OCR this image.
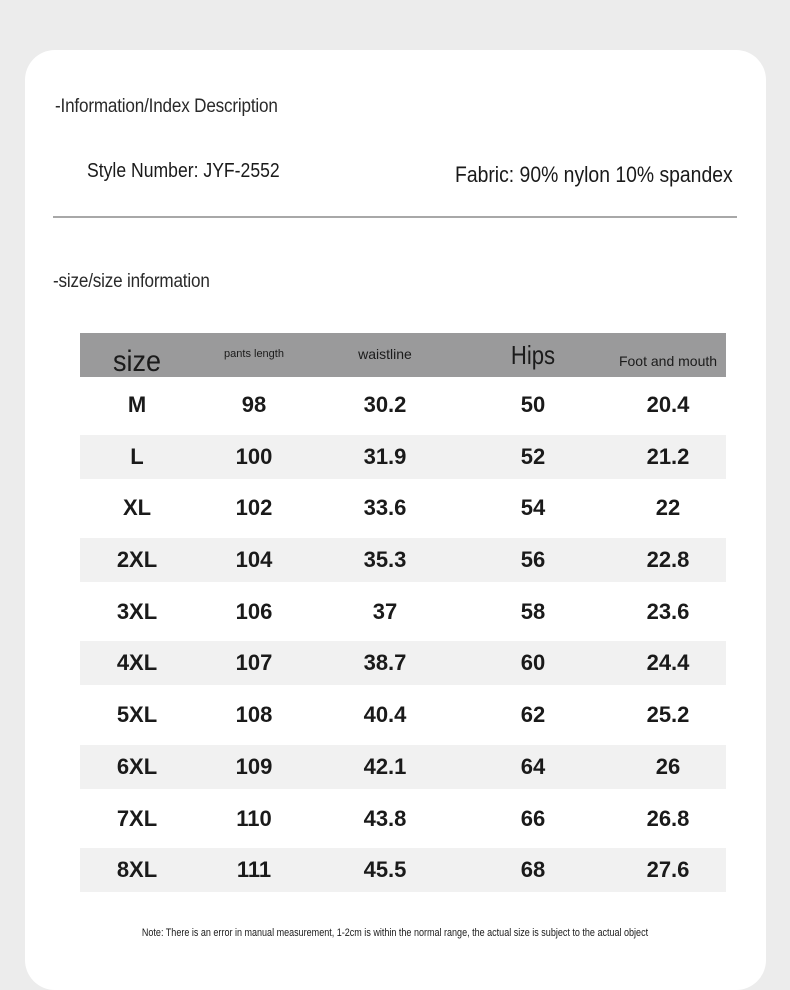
-Information/Index Description
Style Number: JYF-2552	Fabric: 90% nylon 10% spandex
-size/size information
size	pants length	waistline	Hips	Foot and mouth
M	98	30.2	50	20.4
L	100	31.9	52	21.2
XL	102	33.6	54	22
2XL	104	35.3	56	22.8
3XL	106	37	58	23.6
4XL	107	38.7	60	24.4
5XL	108	40.4	62	25.2
6XL	109	42.1	64	26
7XL	110	43.8	66	26.8
8XL	111	45.5	68	27.6
Note: There is an error in manual measurement, 1-2cm is within the normal range, the actual size is subject to the actual object
